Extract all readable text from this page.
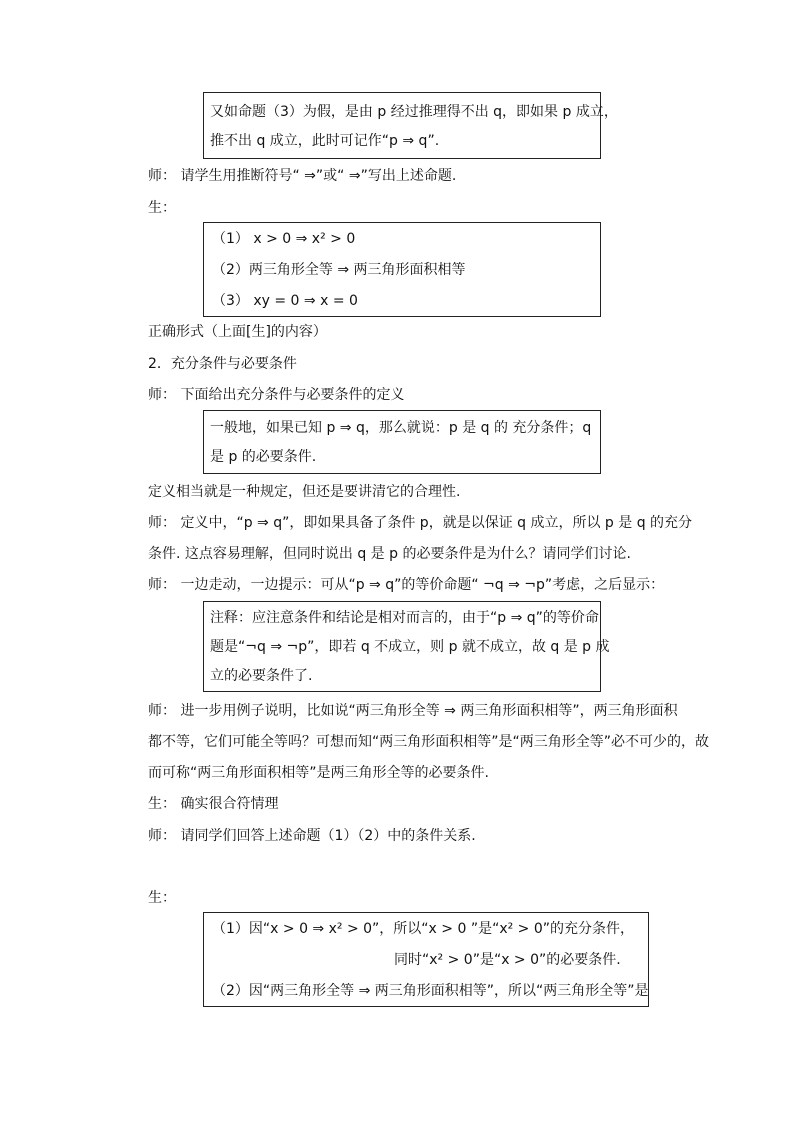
又如命题（3）为假，是由 p 经过推理得不出 q，即如果 p 成立，
推不出 q 成立，此时可记作“p ⇒ q”.
师： 请学生用推断符号“ ⇒”或“ ⇒”写出上述命题.
生：
（1） x > 0 ⇒ x² > 0
（2）两三角形全等 ⇒ 两三角形面积相等
（3） xy = 0 ⇒ x = 0
正确形式（上面[生]的内容）
2．充分条件与必要条件
师： 下面给出充分条件与必要条件的定义
一般地，如果已知 p ⇒ q，那么就说：p 是 q 的 充分条件；q
是 p 的必要条件.
定义相当就是一种规定，但还是要讲清它的合理性.
师： 定义中，“p ⇒ q”，即如果具备了条件 p，就是以保证 q 成立，所以 p 是 q 的充分
条件. 这点容易理解，但同时说出 q 是 p 的必要条件是为什么？请同学们讨论.
师： 一边走动，一边提示：可从“p ⇒ q”的等价命题“ ¬q ⇒ ¬p”考虑，之后显示：
注释：应注意条件和结论是相对而言的，由于“p ⇒ q”的等价命
题是“¬q ⇒ ¬p”，即若 q 不成立，则 p 就不成立，故 q 是 p 成
立的必要条件了.
师： 进一步用例子说明，比如说“两三角形全等 ⇒ 两三角形面积相等”，两三角形面积
都不等，它们可能全等吗？可想而知“两三角形面积相等”是“两三角形全等”必不可少的，故
而可称“两三角形面积相等”是两三角形全等的必要条件.
生： 确实很合符情理
师： 请同学们回答上述命题（1）（2）中的条件关系.
生：
（1）因“x > 0 ⇒ x² > 0”，所以“x > 0 ”是“x² > 0”的充分条件，
同时“x² > 0”是“x > 0”的必要条件.
（2）因“两三角形全等 ⇒ 两三角形面积相等”，所以“两三角形全等”是
